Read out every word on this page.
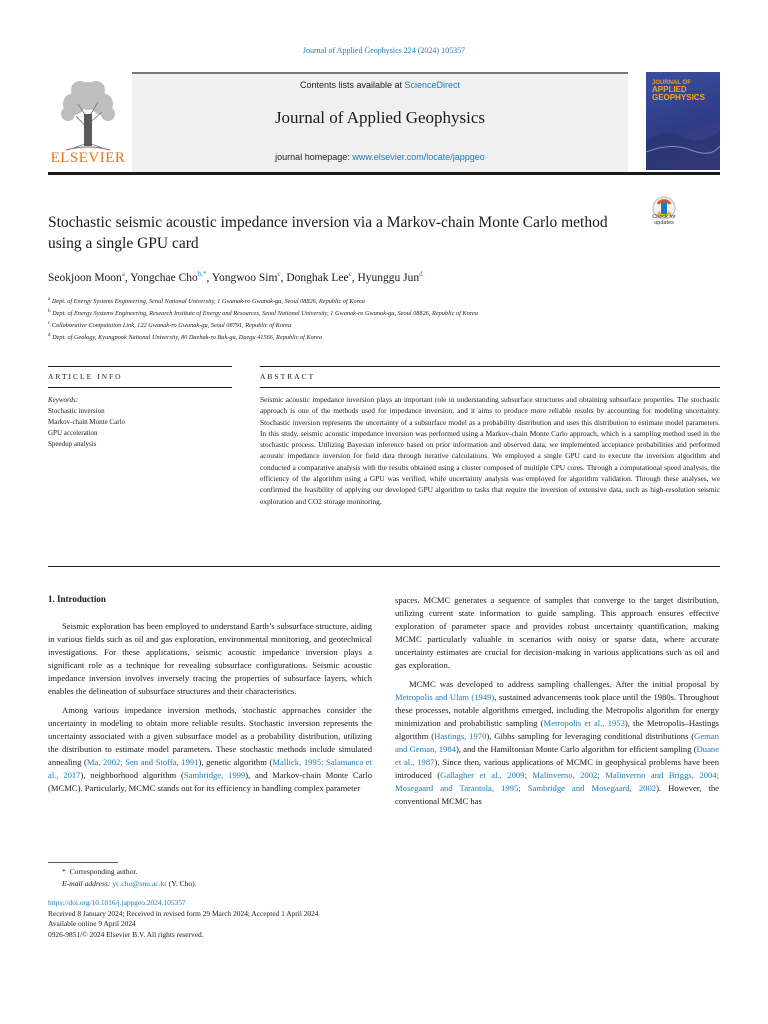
Journal of Applied Geophysics 224 (2024) 105357
ELSEVIER
Contents lists available at ScienceDirect
Journal of Applied Geophysics
journal homepage: www.elsevier.com/locate/jappgeo
JOURNAL OF
APPLIED
GEOPHYSICS
Stochastic seismic acoustic impedance inversion via a Markov-chain Monte Carlo method using a single GPU card
Check for
updates
Seokjoon Moon$^a$, Yongchae Cho$^{b,*}$, Yongwoo Sim$^c$, Donghak Lee$^c$, Hyunggu Jun$^d$
$^a$ Dept. of Energy Systems Engineering, Seoul National University, 1 Gwanak-ro Gwanak-gu, Seoul 08826, Republic of Korea
$^b$ Dept. of Energy Systems Engineering, Research Institute of Energy and Resources, Seoul National University, 1 Gwanak-ro Gwanak-gu, Seoul 08826, Republic of Korea
$^c$ Collaborative Computation Link, 122 Gwanak-ro Gwanak-gu, Seoul 08791, Republic of Korea
$^d$ Dept. of Geology, Kyungpook National University, 80 Daehak-ro Buk-gu, Daegu 41566, Republic of Korea
ARTICLE INFO	ABSTRACT
Keywords:
Stochastic inversion
Markov-chain Monte Carlo
GPU acceleration
Speedup analysis
Seismic acoustic impedance inversion plays an important role in understanding subsurface structures and obtaining subsurface properties. The stochastic approach is one of the methods used for impedance inversion, and it aims to produce more reliable results by accounting for modeling uncertainty. Stochastic inversion represents the uncertainty of a subsurface model as a probability distribution and uses this distribution to estimate model parameters. In this study, seismic acoustic impedance inversion was performed using a Markov-chain Monte Carlo approach, which is a sampling method used in the stochastic process. Utilizing Bayesian inference based on prior information and observed data, we implemented acceptance probabilities and performed acoustic impedance inversion for field data through iterative calculations. We employed a single GPU card to execute the inversion algorithm and conducted a comparative analysis with the results obtained using a cluster composed of multiple CPU cores. Through a computational speed analysis, the efficiency of the algorithm using a GPU was verified, while uncertainty analysis was employed for algorithm validation. Through these analyses, we confirmed the feasibility of applying our developed GPU algorithm to tasks that require the inversion of extensive data, such as high-resolution seismic exploration and CO2 storage monitoring.
1. Introduction

Seismic exploration has been employed to understand Earth’s subsurface structure, aiding in various fields such as oil and gas exploration, environmental monitoring, and geotechnical investigations. For these applications, seismic acoustic impedance inversion plays a significant role as a technique for revealing subsurface configurations. Seismic acoustic impedance inversion involves inversely tracing the properties of subsurface layers, which enables the delineation of subsurface structures and their characteristics.

Among various impedance inversion methods, stochastic approaches consider the uncertainty in modeling to obtain more reliable results. Stochastic inversion represents the uncertainty associated with a given subsurface model as a probability distribution, utilizing the distribution to estimate model parameters. These stochastic methods include simulated annealing (Ma, 2002; Sen and Stoffa, 1991), genetic algorithm (Mallick, 1995; Salamanca et al., 2017), neighborhood algorithm (Sambridge, 1999), and Markov-chain Monte Carlo (MCMC). Particularly, MCMC stands out for its efficiency in handling complex parameter

spaces. MCMC generates a sequence of samples that converge to the target distribution, utilizing current state information to guide sampling. This approach ensures effective exploration of parameter space and provides robust uncertainty quantification, making MCMC particularly valuable in scenarios with noisy or sparse data, where accurate uncertainty estimates are crucial for decision-making in various applications such as oil and gas exploration.

MCMC was developed to address sampling challenges. After the initial proposal by Metropolis and Ulam (1949), sustained advancements took place until the 1980s. Throughout these processes, notable algorithms emerged, including the Metropolis algorithm for energy minimization and probabilistic sampling (Metropolis et al., 1953), the Metropolis–Hastings algorithm (Hastings, 1970), Gibbs sampling for leveraging conditional distributions (Geman and Geman, 1984), and the Hamiltonian Monte Carlo algorithm for efficient sampling (Duane et al., 1987). Since then, various applications of MCMC in geophysical problems have been introduced (Gallagher et al., 2009; Malinverno, 2002; Malinverno and Briggs, 2004; Mosegaard and Tarantola, 1995; Sambridge and Mosegaard, 2002). However, the conventional MCMC has

*  Corresponding author.
E-mail address: yc.cho@snu.ac.kr (Y. Cho).
https://doi.org/10.1016/j.jappgeo.2024.105357
Received 8 January 2024; Received in revised form 29 March 2024; Accepted 1 April 2024
Available online 9 April 2024
0926-9851/© 2024 Elsevier B.V. All rights reserved.
